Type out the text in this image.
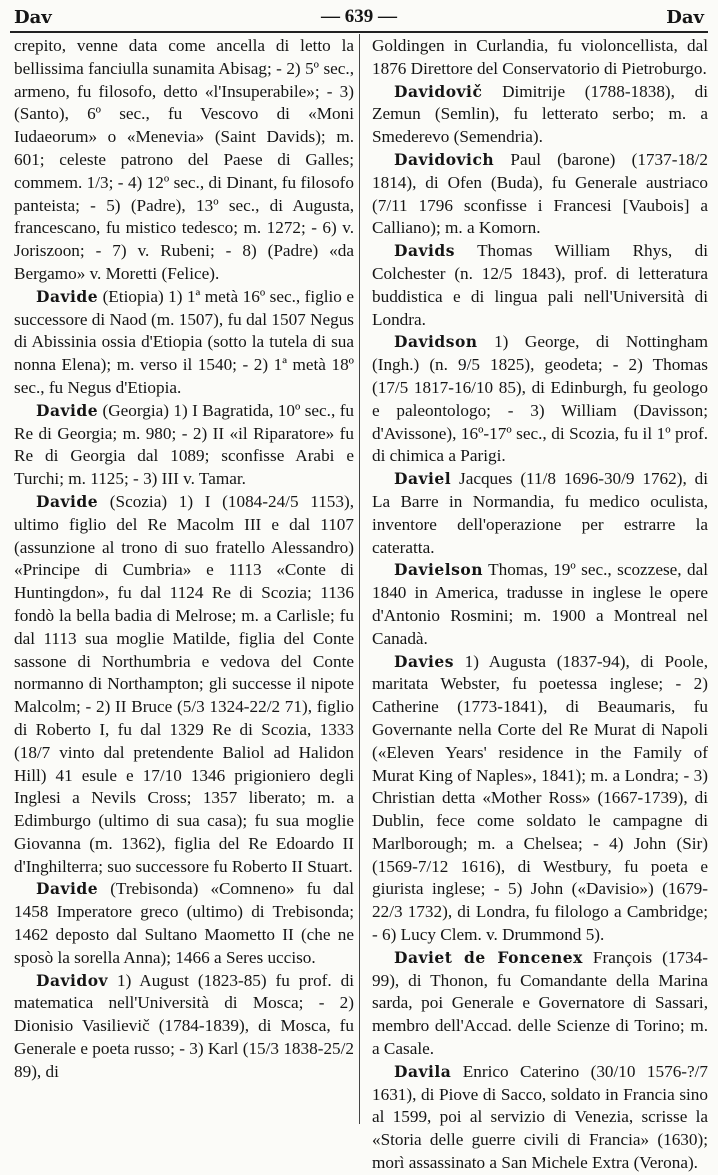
Dav	— 639 —	Dav

crepito, venne data come ancella di letto la bellissima fanciulla sunamita Abisag; - 2) 5º sec., armeno, fu filosofo, detto «l'Insuperabile»; - 3) (Santo), 6º sec., fu Vescovo di «Moni Iudaeorum» o «Menevia» (Saint Davids); m. 601; celeste patrono del Paese di Galles; commem. 1/3; - 4) 12º sec., di Dinant, fu filosofo panteista; - 5) (Padre), 13º sec., di Augusta, francescano, fu mistico tedesco; m. 1272; - 6) v. Joriszoon; - 7) v. Rubeni; - 8) (Padre) «da Bergamo» v. Moretti (Felice).

Davide (Etiopia) 1) 1ª metà 16º sec., figlio e successore di Naod (m. 1507), fu dal 1507 Negus di Abissinia ossia d'Etiopia (sotto la tutela di sua nonna Elena); m. verso il 1540; - 2) 1ª metà 18º sec., fu Negus d'Etiopia.

Davide (Georgia) 1) I Bagratida, 10º sec., fu Re di Georgia; m. 980; - 2) II «il Riparatore» fu Re di Georgia dal 1089; sconfisse Arabi e Turchi; m. 1125; - 3) III v. Tamar.

Davide (Scozia) 1) I (1084-24/5 1153), ultimo figlio del Re Macolm III e dal 1107 (assunzione al trono di suo fratello Alessandro) «Principe di Cumbria» e 1113 «Conte di Huntingdon», fu dal 1124 Re di Scozia; 1136 fondò la bella badia di Melrose; m. a Carlisle; fu dal 1113 sua moglie Matilde, figlia del Conte sassone di Northumbria e vedova del Conte normanno di Northampton; gli successe il nipote Malcolm; - 2) II Bruce (5/3 1324-22/2 71), figlio di Roberto I, fu dal 1329 Re di Scozia, 1333 (18/7 vinto dal pretendente Baliol ad Halidon Hill) 41 esule e 17/10 1346 prigioniero degli Inglesi a Nevils Cross; 1357 liberato; m. a Edimburgo (ultimo di sua casa); fu sua moglie Giovanna (m. 1362), figlia del Re Edoardo II d'Inghilterra; suo successore fu Roberto II Stuart.

Davide (Trebisonda) «Comneno» fu dal 1458 Imperatore greco (ultimo) di Trebisonda; 1462 deposto dal Sultano Maometto II (che ne sposò la sorella Anna); 1466 a Seres ucciso.

Davidov 1) August (1823-85) fu prof. di matematica nell'Università di Mosca; - 2) Dionisio Vasilievič (1784-1839), di Mosca, fu Generale e poeta russo; - 3) Karl (15/3 1838-25/2 89), di

Goldingen in Curlandia, fu violoncellista, dal 1876 Direttore del Conservatorio di Pietroburgo.

Davidovič Dimitrije (1788-1838), di Zemun (Semlin), fu letterato serbo; m. a Smederevo (Semendria).

Davidovich Paul (barone) (1737-18/2 1814), di Ofen (Buda), fu Generale austriaco (7/11 1796 sconfisse i Francesi [Vaubois] a Calliano); m. a Komorn.

Davids Thomas William Rhys, di Colchester (n. 12/5 1843), prof. di letteratura buddistica e di lingua pali nell'Università di Londra.

Davidson 1) George, di Nottingham (Ingh.) (n. 9/5 1825), geodeta; - 2) Thomas (17/5 1817-16/10 85), di Edinburgh, fu geologo e paleontologo; - 3) William (Davisson; d'Avissone), 16º-17º sec., di Scozia, fu il 1º prof. di chimica a Parigi.

Daviel Jacques (11/8 1696-30/9 1762), di La Barre in Normandia, fu medico oculista, inventore dell'operazione per estrarre la cateratta.

Davielson Thomas, 19º sec., scozzese, dal 1840 in America, tradusse in inglese le opere d'Antonio Rosmini; m. 1900 a Montreal nel Canadà.

Davies 1) Augusta (1837-94), di Poole, maritata Webster, fu poetessa inglese; - 2) Catherine (1773-1841), di Beaumaris, fu Governante nella Corte del Re Murat di Napoli («Eleven Years' residence in the Family of Murat King of Naples», 1841); m. a Londra; - 3) Christian detta «Mother Ross» (1667-1739), di Dublin, fece come soldato le campagne di Marlborough; m. a Chelsea; - 4) John (Sir) (1569-7/12 1616), di Westbury, fu poeta e giurista inglese; - 5) John («Davisio») (1679-22/3 1732), di Londra, fu filologo a Cambridge; - 6) Lucy Clem. v. Drummond 5).

Daviet de Foncenex François (1734-99), di Thonon, fu Comandante della Marina sarda, poi Generale e Governatore di Sassari, membro dell'Accad. delle Scienze di Torino; m. a Casale.

Davila Enrico Caterino (30/10 1576-?/7 1631), di Piove di Sacco, soldato in Francia sino al 1599, poi al servizio di Venezia, scrisse la «Storia delle guerre civili di Francia» (1630); morì assassinato a San Michele Extra (Verona).
